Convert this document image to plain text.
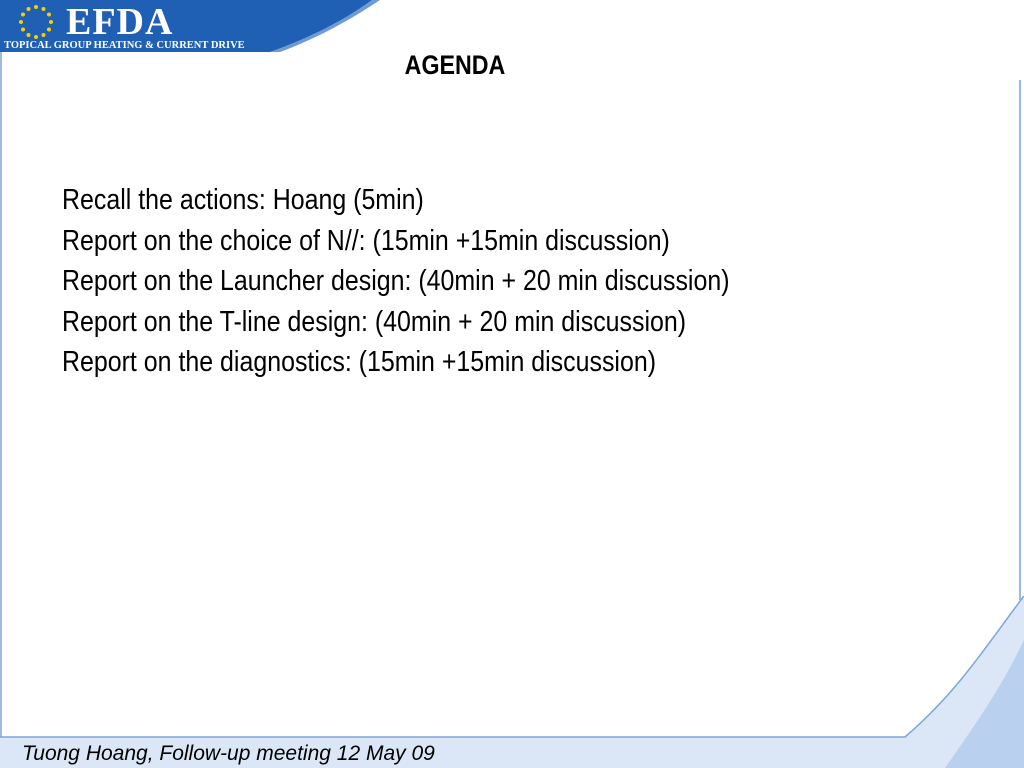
EFDA
TOPICAL GROUP HEATING & CURRENT DRIVE
AGENDA
Recall the actions: Hoang (5min)
Report on the choice of N//: (15min +15min discussion)
Report on the Launcher design: (40min + 20 min discussion)
Report on the T-line design: (40min + 20 min discussion)
Report on the diagnostics: (15min +15min discussion)
Tuong Hoang, Follow-up meeting 12 May 09
